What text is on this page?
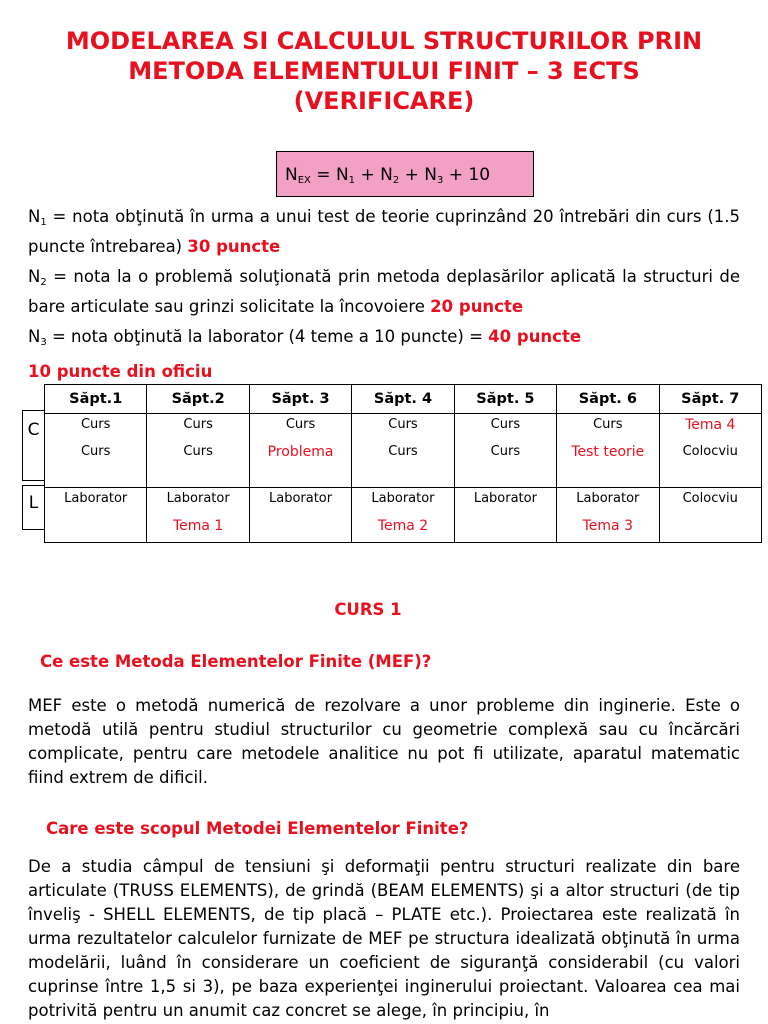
MODELAREA SI CALCULUL STRUCTURILOR PRIN
METODA ELEMENTULUI FINIT – 3 ECTS
(VERIFICARE)
$N_{EX} = N_1 + N_2 + N_3 + 10$
$N_1$ = nota obţinută în urma a unui test de teorie cuprinzând 20 întrebări din curs (1.5 puncte întrebarea) 30 puncte
$N_2$ = nota la o problemă soluţionată prin metoda deplasărilor aplicată la structuri de bare articulate sau grinzi solicitate la încovoiere 20 puncte
$N_3$ = nota obţinută la laborator (4 teme a 10 puncte) = 40 puncte
10 puncte din oficiu
C
L
Săpt.1	Săpt.2	Săpt. 3	Săpt. 4	Săpt. 5	Săpt. 6	Săpt. 7
Curs	Curs	Curs	Curs	Curs	Curs	Tema 4
Curs	Curs	Problema	Curs	Curs	Test teorie	Colocviu
Laborator	Laborator	Laborator	Laborator	Laborator	Laborator	Colocviu
	Tema 1		Tema 2		Tema 3	
CURS 1
Ce este Metoda Elementelor Finite (MEF)?
MEF este o metodă numerică de rezolvare a unor probleme din inginerie. Este o metodă utilă pentru studiul structurilor cu geometrie complexă sau cu încărcări complicate, pentru care metodele analitice nu pot fi utilizate, aparatul matematic fiind extrem de dificil.
Care este scopul Metodei Elementelor Finite?
De a studia câmpul de tensiuni şi deformaţii pentru structuri realizate din bare articulate (TRUSS ELEMENTS), de grindă (BEAM ELEMENTS) şi a altor structuri (de tip înveliş - SHELL ELEMENTS, de tip placă – PLATE etc.). Proiectarea este realizată în urma rezultatelor calculelor furnizate de MEF pe structura idealizată obţinută în urma modelării, luând în considerare un coeficient de siguranţă considerabil (cu valori cuprinse între 1,5 si 3), pe baza experienţei inginerului proiectant. Valoarea cea mai potrivită pentru un anumit caz concret se alege, în principiu, în
